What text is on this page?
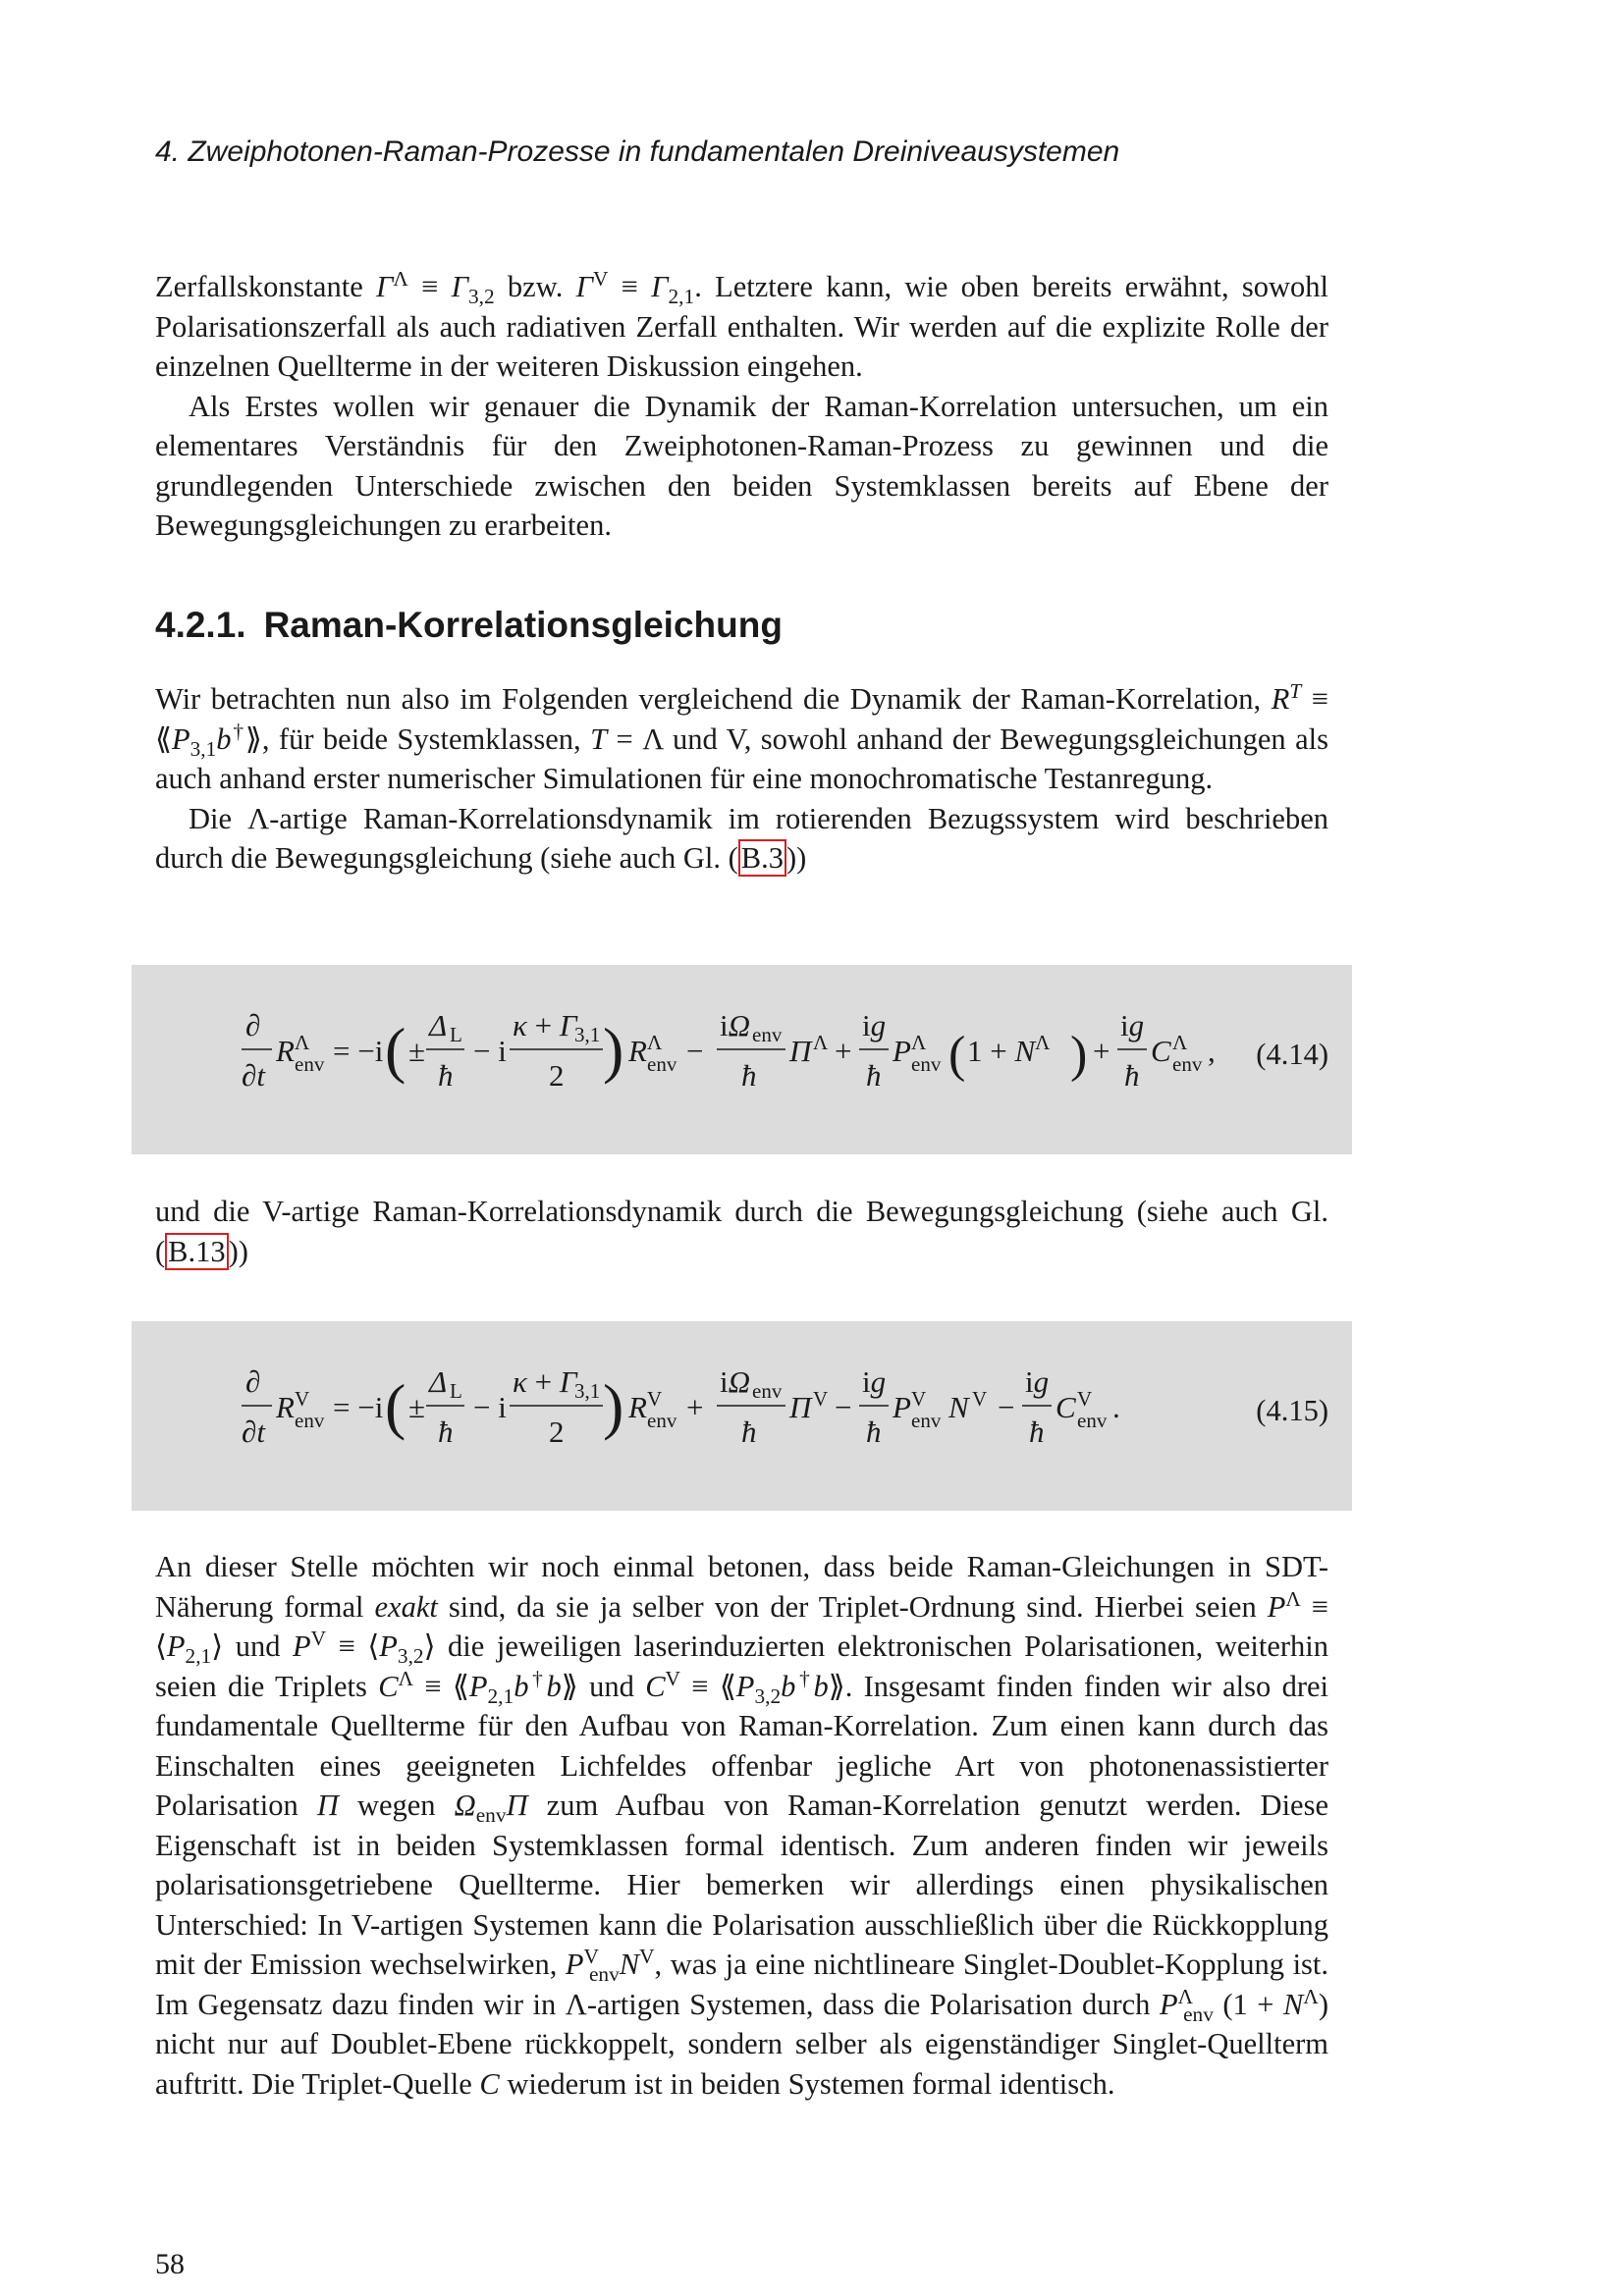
4. Zweiphotonen-Raman-Prozesse in fundamentalen Dreiniveausystemen

Zerfallskonstante $\Gamma^\Lambda \equiv \Gamma_{3,2}$ bzw. $\Gamma^V \equiv \Gamma_{2,1}$. Letztere kann, wie oben bereits erwähnt, sowohl Polarisationszerfall als auch radiativen Zerfall enthalten. Wir werden auf die explizite Rolle der einzelnen Quellterme in der weiteren Diskussion eingehen.

Als Erstes wollen wir genauer die Dynamik der Raman-Korrelation untersuchen, um ein elementares Verständnis für den Zweiphotonen-Raman-Prozess zu gewinnen und die grundlegenden Unterschiede zwischen den beiden Systemklassen bereits auf Ebene der Bewegungsgleichungen zu erarbeiten.

4.2.1. Raman-Korrelationsgleichung

Wir betrachten nun also im Folgenden vergleichend die Dynamik der Raman-Korrelation, $R^T$ ≡ $⟪P_{3,1}b^\dagger⟫$, für beide Systemklassen, T = Λ und V, sowohl anhand der Bewegungsgleichungen als auch anhand erster numerischer Simulationen für eine monochromatische Testanregung.

Die Λ-artige Raman-Korrelationsdynamik im rotierenden Bezugssystem wird beschrieben durch die Bewegungsgleichung (siehe auch Gl. (B.3))

∂
∂t
R Λ
env = −i ( ±
Δ L
ħ
− i
κ + Γ
3,1
2 ) R Λ
env −
iΩ env
ħ
Π Λ +
ig
ħ
P Λ
env ( $1 + N^\Lambda$ ) +
ig
ħ
C Λ
env , (4.14)

und die V-artige Raman-Korrelationsdynamik durch die Bewegungsgleichung (siehe auch Gl. (B.13))

∂
∂t
R V
env = −i ( ±
Δ L
ħ
− i
κ + Γ
3,1
2 ) R V
env +
iΩ env
ħ
Π V −
ig
ħ
P V
env N V −
ig
ħ
C V
env .	(4.15)

An dieser Stelle möchten wir noch einmal betonen, dass beide Raman-Gleichungen in SDT-Näherung formal exakt sind, da sie ja selber von der Triplet-Ordnung sind. Hierbei seien $P^\Lambda$ ≡ $⟨P_{2,1}⟩$ und $P^V$ ≡ $⟨P_{3,2}⟩$ die jeweiligen laserinduzierten elektronischen Polarisationen, weiterhin seien die Triplets $C^\Lambda$ ≡ $⟪P_{2,1}b^\dagger b⟫$ und $C^V$ ≡ $⟪P_{3,2}b^\dagger b⟫$. Insgesamt finden finden wir also drei fundamentale Quellterme für den Aufbau von Raman-Korrelation. Zum einen kann durch das Einschalten eines geeigneten Lichfeldes offenbar jegliche Art von photonenassistierter Polarisation Π wegen $\Omega_{env}\Pi$ zum Aufbau von Raman-Korrelation genutzt werden. Diese Eigenschaft ist in beiden Systemklassen formal identisch. Zum anderen finden wir jeweils polarisationsgetriebene Quellterme. Hier bemerken wir allerdings einen physikalischen Unterschied: In V-artigen Systemen kann die Polarisation ausschließlich über die Rückkopplung mit der Emission wechselwirken, $P^V_{env}N^V$, was ja eine nichtlineare Singlet-Doublet-Kopplung ist. Im Gegensatz dazu finden wir in Λ-artigen Systemen, dass die Polarisation durch $P^\Lambda_{env}$ $(1 + N^\Lambda)$ nicht nur auf Doublet-Ebene rückkoppelt, sondern selber als eigenständiger Singlet-Quellterm auftritt. Die Triplet-Quelle C wiederum ist in beiden Systemen formal identisch.

58
